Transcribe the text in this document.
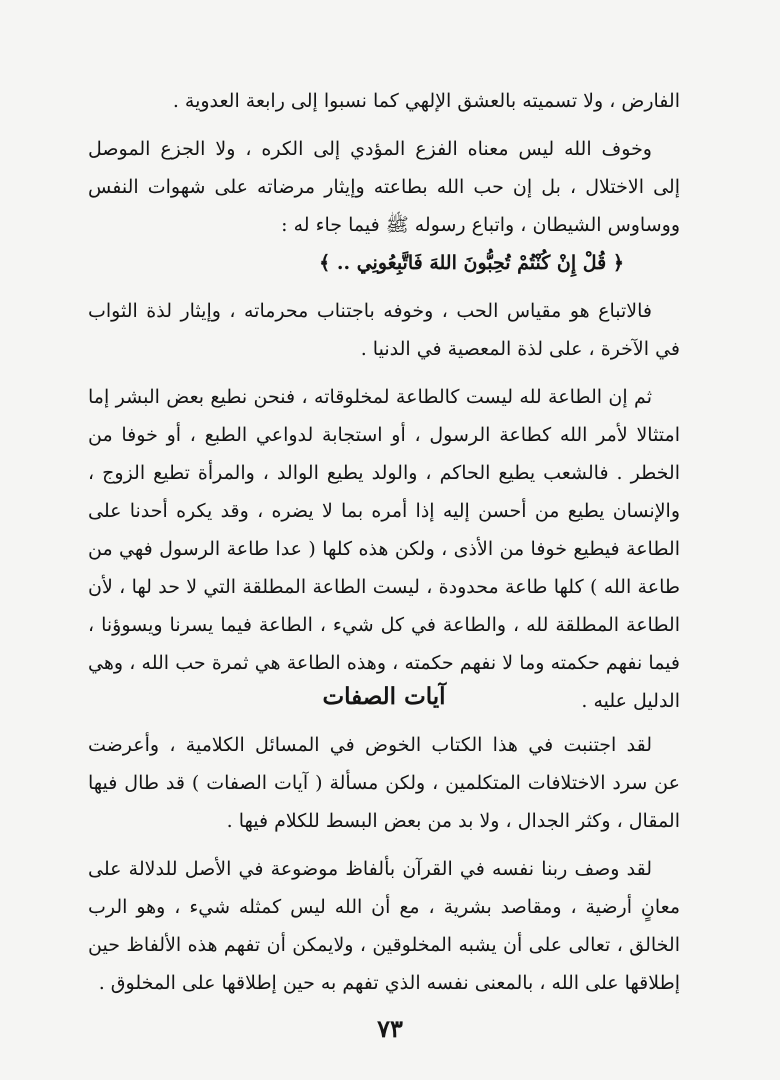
الفارض ، ولا تسميته بالعشق الإلهي كما نسبوا إلى رابعة العدوية .

وخوف الله ليس معناه الفزع المؤدي إلى الكره ، ولا الجزع الموصل
إلى الاختلال ، بل إن حب الله بطاعته وإيثار مرضاته على شهوات النفس
ووساوس الشيطان ، واتباع رسوله ﷺ فيما جاء له :
﴿ قُلْ إِنْ كُنْتُمْ تُحِبُّونَ اللهَ فَاتَّبِعُونِي .. ﴾

فالاتباع هو مقياس الحب ، وخوفه باجتناب محرماته ، وإيثار لذة الثواب
في الآخرة ، على لذة المعصية في الدنيا .

ثم إن الطاعة لله ليست كالطاعة لمخلوقاته ، فنحن نطيع بعض البشر إما
امتثالا لأمر الله كطاعة الرسول ، أو استجابة لدواعي الطبع ، أو خوفا من
الخطر . فالشعب يطيع الحاكم ، والولد يطيع الوالد ، والمرأة تطيع الزوج ،
والإنسان يطيع من أحسن إليه إذا أمره بما لا يضره ، وقد يكره أحدنا على
الطاعة فيطيع خوفا من الأذى ، ولكن هذه كلها ( عدا طاعة الرسول فهي من
طاعة الله ) كلها طاعة محدودة ، ليست الطاعة المطلقة التي لا حد لها ، لأن
الطاعة المطلقة لله ، والطاعة في كل شيء ، الطاعة فيما يسرنا ويسوؤنا ،
فيما نفهم حكمته وما لا نفهم حكمته ، وهذه الطاعة هي ثمرة حب الله ، وهي
الدليل عليه .

آيات الصفات

لقد اجتنبت في هذا الكتاب الخوض في المسائل الكلامية ، وأعرضت
عن سرد الاختلافات المتكلمين ، ولكن مسألة ( آيات الصفات ) قد طال فيها
المقال ، وكثر الجدال ، ولا بد من بعض البسط للكلام فيها .

لقد وصف ربنا نفسه في القرآن بألفاظ موضوعة في الأصل للدلالة على
معانٍ أرضية ، ومقاصد بشرية ، مع أن الله ليس كمثله شيء ، وهو الرب
الخالق ، تعالى على أن يشبه المخلوقين ، ولايمكن أن تفهم هذه الألفاظ حين
إطلاقها على الله ، بالمعنى نفسه الذي تفهم به حين إطلاقها على المخلوق .

٧٣
